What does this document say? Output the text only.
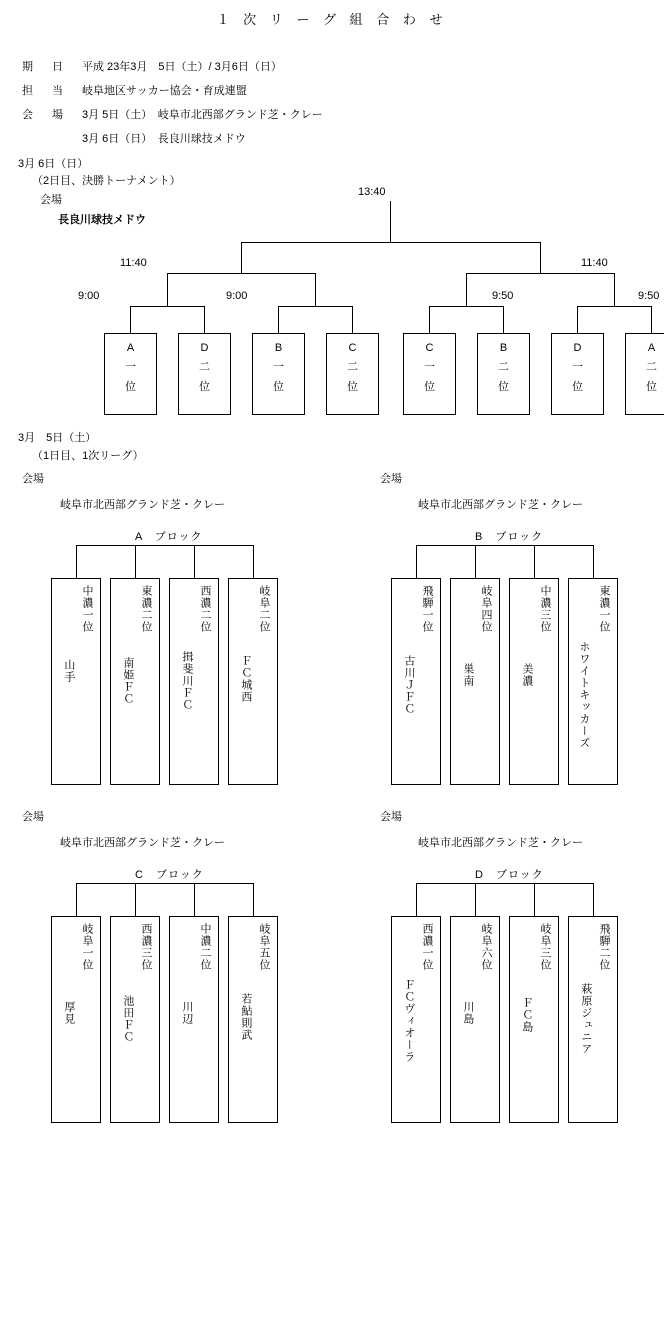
１ 次 リ ー グ 組 合 わ せ
期　日 平成 23年3月　5日（土）/ 3月6日（日）
担　当 岐阜地区サッカー協会・育成連盟
会　場 3月 5日（土）　岐阜市北西部グランド芝・クレー
3月 6日（日）　長良川球技メドウ
3月 6日（日）
（2日目、決勝トーナメント）
会場
長良川球技メドウ
13:40
11:40	11:40
9:00	9:00	9:50	9:50
A
一
位
D
二
位
B
一
位
C
二
位
C
一
位
B
二
位
D
一
位
A
二
位
3月　5日（土）
（1日目、1次リーグ）
会場
岐阜市北西部グランド芝・クレー
会場
岐阜市北西部グランド芝・クレー
会場
岐阜市北西部グランド芝・クレー
会場
岐阜市北西部グランド芝・クレー
A　ブロック
中濃一位
山手
東濃二位
南姫ＦＣ
西濃二位
揖斐川ＦＣ
岐阜二位
ＦＣ城西
B　ブロック
飛騨一位
古川ＪＦＣ
岐阜四位
巣南
中濃三位
美濃
東濃一位
ホワイトキッカーズ
C　ブロック
岐阜一位
厚見
西濃三位
池田ＦＣ
中濃二位
川辺
岐阜五位
若鮎則武
D　ブロック
西濃一位
ＦＣヴィオーラ
岐阜六位
川島
岐阜三位
ＦＣ島
飛騨二位
萩原ジュニア
